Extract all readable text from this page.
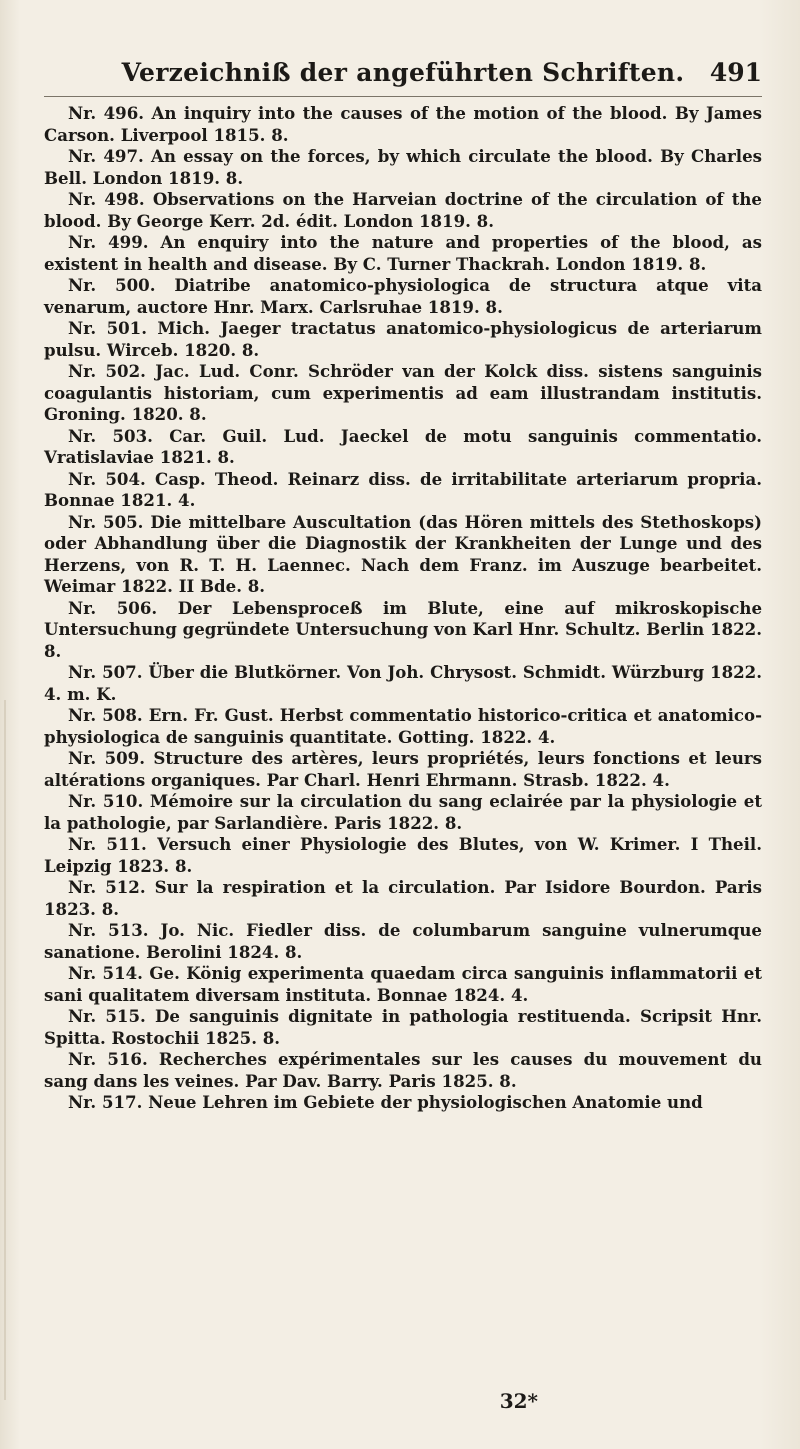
Verzeichniß der angeführten Schriften.	491

Nr. 496. An inquiry into the causes of the motion of the blood. By James Carson. Liverpool 1815. 8.

Nr. 497. An essay on the forces, by which circulate the blood. By Charles Bell. London 1819. 8.

Nr. 498. Observations on the Harveian doctrine of the circulation of the blood. By George Kerr. 2d. édit. London 1819. 8.

Nr. 499. An enquiry into the nature and properties of the blood, as existent in health and disease. By C. Turner Thackrah. London 1819. 8.

Nr. 500. Diatribe anatomico-physiologica de structura atque vita venarum, auctore Hnr. Marx. Carlsruhae 1819. 8.

Nr. 501. Mich. Jaeger tractatus anatomico-physiologicus de arteriarum pulsu. Wirceb. 1820. 8.

Nr. 502. Jac. Lud. Conr. Schröder van der Kolck diss. sistens sanguinis coagulantis historiam, cum experimentis ad eam illustrandam institutis. Groning. 1820. 8.

Nr. 503. Car. Guil. Lud. Jaeckel de motu sanguinis commentatio. Vratislaviae 1821. 8.

Nr. 504. Casp. Theod. Reinarz diss. de irritabilitate arteriarum propria. Bonnae 1821. 4.

Nr. 505. Die mittelbare Auscultation (das Hören mittels des Stethoskops) oder Abhandlung über die Diagnostik der Krankheiten der Lunge und des Herzens, von R. T. H. Laennec. Nach dem Franz. im Auszuge bearbeitet. Weimar 1822. II Bde. 8.

Nr. 506. Der Lebensproceß im Blute, eine auf mikroskopische Untersuchung gegründete Untersuchung von Karl Hnr. Schultz. Berlin 1822. 8.

Nr. 507. Über die Blutkörner. Von Joh. Chrysost. Schmidt. Würzburg 1822. 4. m. K.

Nr. 508. Ern. Fr. Gust. Herbst commentatio historico-critica et anatomico-physiologica de sanguinis quantitate. Gotting. 1822. 4.

Nr. 509. Structure des artères, leurs propriétés, leurs fonctions et leurs altérations organiques. Par Charl. Henri Ehrmann. Strasb. 1822. 4.

Nr. 510. Mémoire sur la circulation du sang eclairée par la physiologie et la pathologie, par Sarlandière. Paris 1822. 8.

Nr. 511. Versuch einer Physiologie des Blutes, von W. Krimer. I Theil. Leipzig 1823. 8.

Nr. 512. Sur la respiration et la circulation. Par Isidore Bourdon. Paris 1823. 8.

Nr. 513. Jo. Nic. Fiedler diss. de columbarum sanguine vulnerumque sanatione. Berolini 1824. 8.

Nr. 514. Ge. König experimenta quaedam circa sanguinis inflammatorii et sani qualitatem diversam instituta. Bonnae 1824. 4.

Nr. 515. De sanguinis dignitate in pathologia restituenda. Scripsit Hnr. Spitta. Rostochii 1825. 8.

Nr. 516. Recherches expérimentales sur les causes du mouvement du sang dans les veines. Par Dav. Barry. Paris 1825. 8.

Nr. 517. Neue Lehren im Gebiete der physiologischen Anatomie und

32*
